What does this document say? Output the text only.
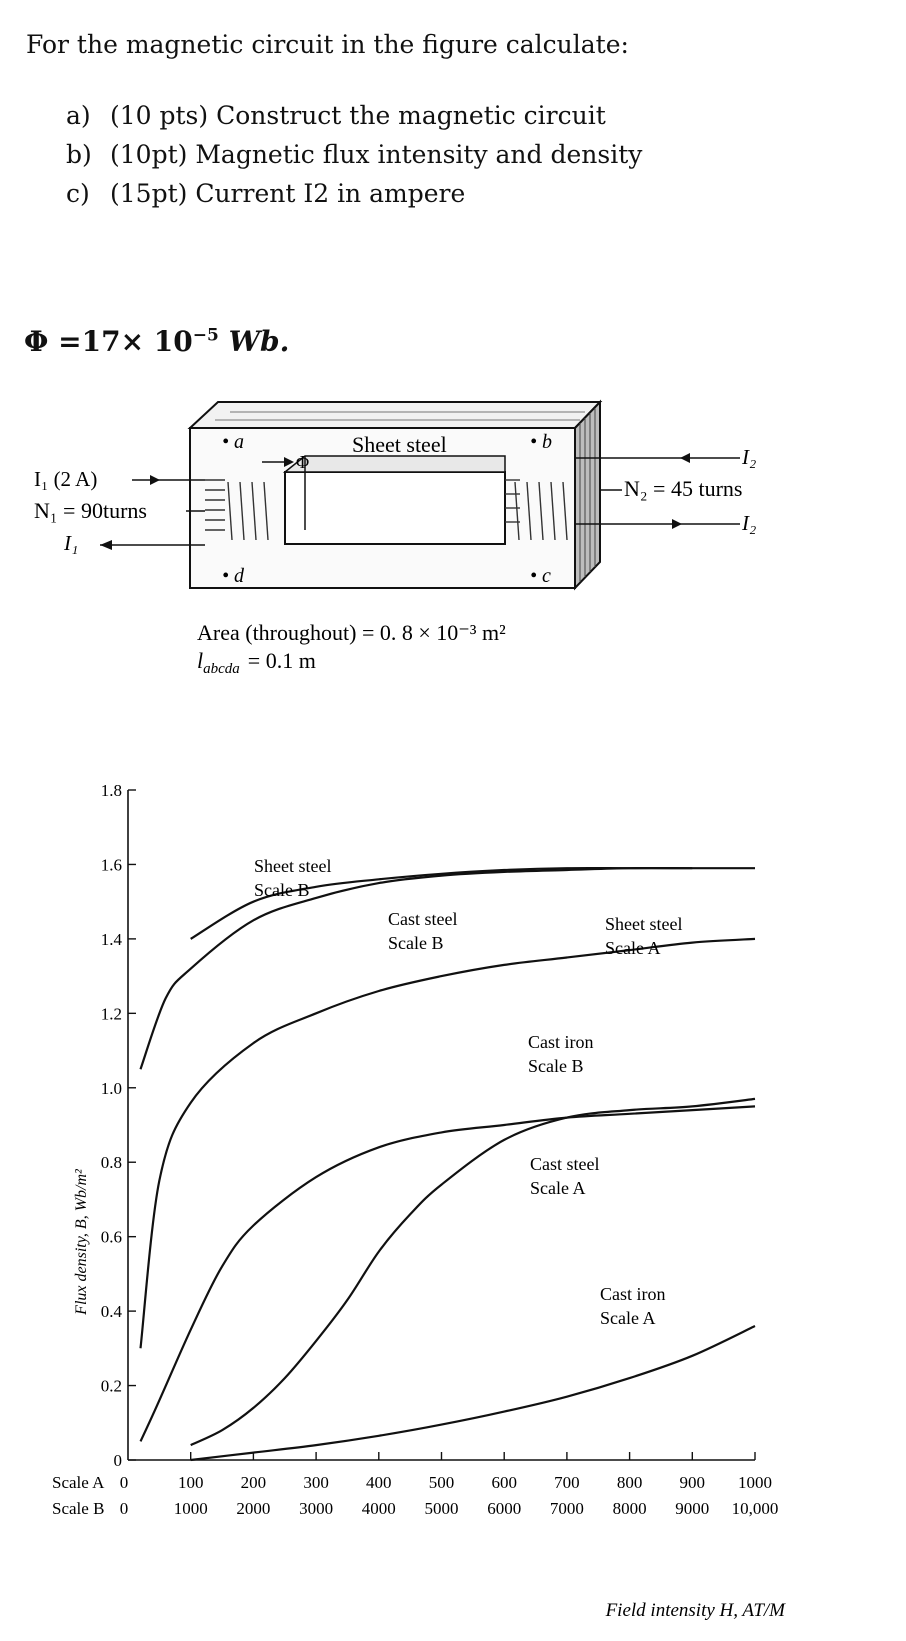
For the magnetic circuit in the figure calculate:
a) (10 pts) Construct the magnetic circuit
b) (10pt) Magnetic flux intensity and density
c) (15pt) Current I2 in ampere
$\Phi =17\times 10^{-5}$ Wb.
• a	• b
• d	• c
Sheet steel
Φ
I₁ (2 A)
N₁ = 90turns
I₁
I₂
N₂ = 45 turns
I₂
Area (throughout) = 0. 8 × 10⁻³ m²
$l_{abcda} = 0.1$ m
1.8
1.6
1.4
1.2
1.0
0.8
0.6
0.4
0.2
0
0
0
100
1000
200
2000
300
3000
400
4000
500
5000
600
6000
700
7000
800
8000
900
9000
1000
10,000
Scale A
Scale B
Sheet steel
Scale B
Cast steel
Scale B
Sheet steel
Scale A
Cast iron
Scale B
Cast steel
Scale A
Cast iron
Scale A
Flux density, B, Wb/m²
Field intensity H, AT/M
